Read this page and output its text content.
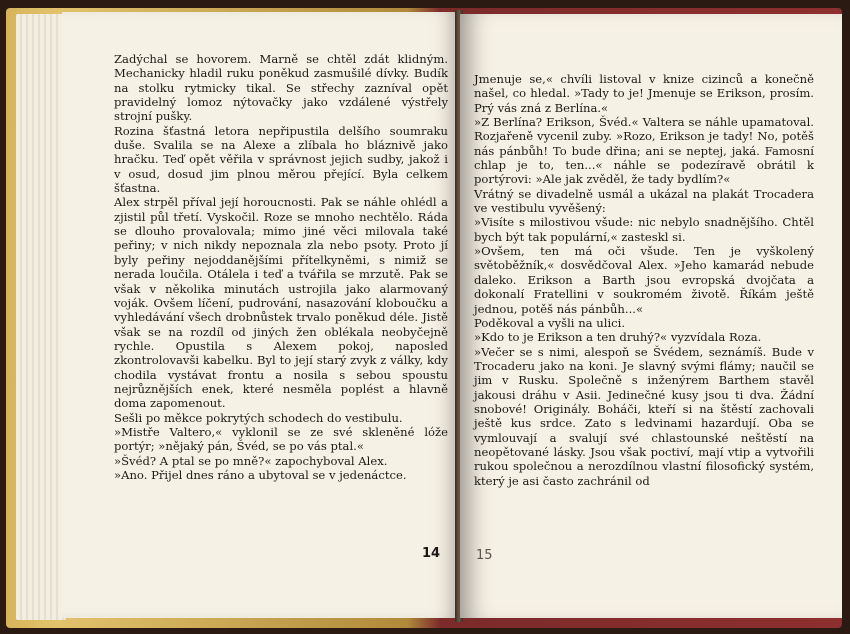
Zadýchal se hovorem. Marně se chtěl zdát klidným. Mechanicky hladil ruku poněkud zasmušilé dívky. Budík na stolku rytmicky tikal. Se střechy zazníval opět pravidelný lomoz nýtovačky jako vzdálené výstřely strojní pušky.

Rozina šťastná letora nepřipustila delšího soumraku duše. Svalila se na Alexe a zlíbala ho bláznivě jako hračku. Teď opět věřila v správnost jejich sudby, jakož i v osud, dosud jim plnou měrou přející. Byla celkem šťastna.

Alex strpěl příval její horoucnosti. Pak se náhle ohlédl a zjistil půl třetí. Vyskočil. Roze se mnoho nechtělo. Ráda se dlouho provalovala; mimo jiné věci milovala také peřiny; v nich nikdy nepoznala zla nebo psoty. Proto jí byly peřiny nejoddanějšími přítelkyněmi, s nimiž se nerada loučila. Otálela i teď a tvářila se mrzutě. Pak se však v několika minutách ustrojila jako alarmovaný voják. Ovšem líčení, pudrování, nasazování kloboučku a vyhledávání všech drobnůstek trvalo poněkud déle. Jistě však se na rozdíl od jiných žen oblékala neobyčejně rychle. Opustila s Alexem pokoj, naposled zkontrolovavši kabelku. Byl to její starý zvyk z války, kdy chodila vystávat frontu a nosila s sebou spoustu nejrůznějších enek, které nesměla poplést a hlavně doma zapomenout.

Sešli po měkce pokrytých schodech do vestibulu.

»Mistře Valtero,« vyklonil se ze své skleněné lóže portýr; »nějaký pán, Švéd, se po vás ptal.«

»Švéd? A ptal se po mně?« zapochyboval Alex.

»Ano. Přijel dnes ráno a ubytoval se v jedenáctce.

14

Jmenuje se,« chvíli listoval v knize cizinců a konečně našel, co hledal. »Tady to je! Jmenuje se Erikson, prosím. Prý vás zná z Berlína.«

»Z Berlína? Erikson, Švéd.« Valtera se náhle upamatoval. Rozjařeně vycenil zuby. »Rozo, Erikson je tady! No, potěš nás pánbůh! To bude dřina; ani se neptej, jaká. Famosní chlap je to, ten...« náhle se podezíravě obrátil k portýrovi: »Ale jak zvěděl, že tady bydlím?«

Vrátný se divadelně usmál a ukázal na plakát Trocadera ve vestibulu vyvěšený:

»Visíte s milostivou všude: nic nebylo snadnějšího. Chtěl bych být tak populární,« zasteskl si.

»Ovšem, ten má oči všude. Ten je vyškolený světoběžník,« dosvědčoval Alex. »Jeho kamarád nebude daleko. Erikson a Barth jsou evropská dvojčata a dokonalí Fratellini v soukromém životě. Říkám ještě jednou, potěš nás pánbůh...«

Poděkoval a vyšli na ulici.

»Kdo to je Erikson a ten druhý?« vyzvídala Roza.

»Večer se s nimi, alespoň se Švédem, seznámíš. Bude v Trocaderu jako na koni. Je slavný svými flámy; naučil se jim v Rusku. Společně s inženýrem Barthem stavěl jakousi dráhu v Asii. Jedinečné kusy jsou ti dva. Žádní snobové! Originály. Boháči, kteří si na štěstí zachovali ještě kus srdce. Zato s ledvinami hazardují. Oba se vymlouvají a svalují své chlastounské neštěstí na neopětované lásky. Jsou však poctiví, mají vtip a vytvořili rukou společnou a nerozdílnou vlastní filosofický systém, který je asi často zachránil od

15
